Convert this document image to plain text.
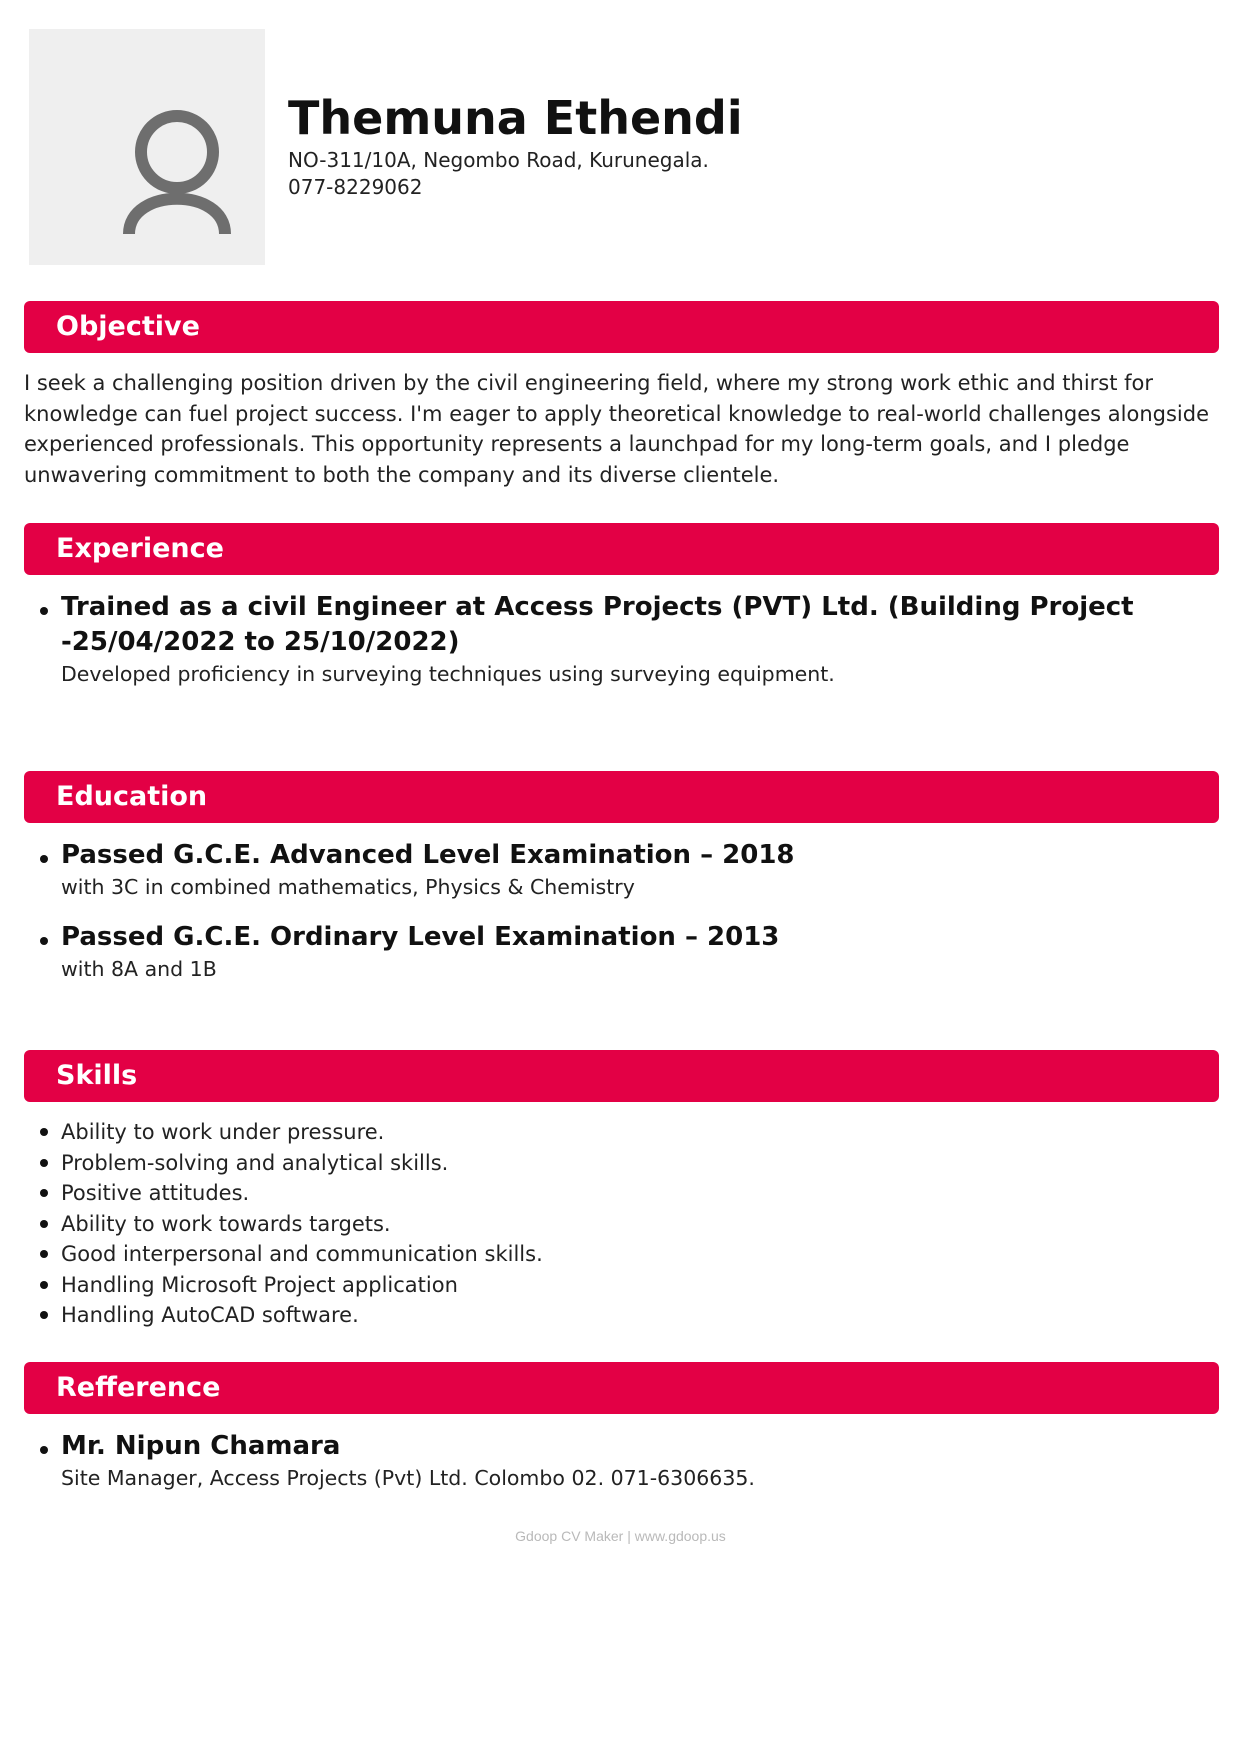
Themuna Ethendi
NO-311/10A, Negombo Road, Kurunegala.
077-8229062
Objective
I seek a challenging position driven by the civil engineering field, where my strong work ethic and thirst for knowledge can fuel project success. I'm eager to apply theoretical knowledge to real-world challenges alongside experienced professionals. This opportunity represents a launchpad for my long-term goals, and I pledge unwavering commitment to both the company and its diverse clientele.
Experience
Trained as a civil Engineer at Access Projects (PVT) Ltd. (Building Project -25/04/2022 to 25/10/2022)
Developed proficiency in surveying techniques using surveying equipment.
Education
Passed G.C.E. Advanced Level Examination – 2018
with 3C in combined mathematics, Physics & Chemistry
Passed G.C.E. Ordinary Level Examination – 2013
with 8A and 1B
Skills
Ability to work under pressure.
Problem-solving and analytical skills.
Positive attitudes.
Ability to work towards targets.
Good interpersonal and communication skills.
Handling Microsoft Project application
Handling AutoCAD software.
Refference
Mr. Nipun Chamara
Site Manager, Access Projects (Pvt) Ltd. Colombo 02. 071-6306635.
Gdoop CV Maker | www.gdoop.us
